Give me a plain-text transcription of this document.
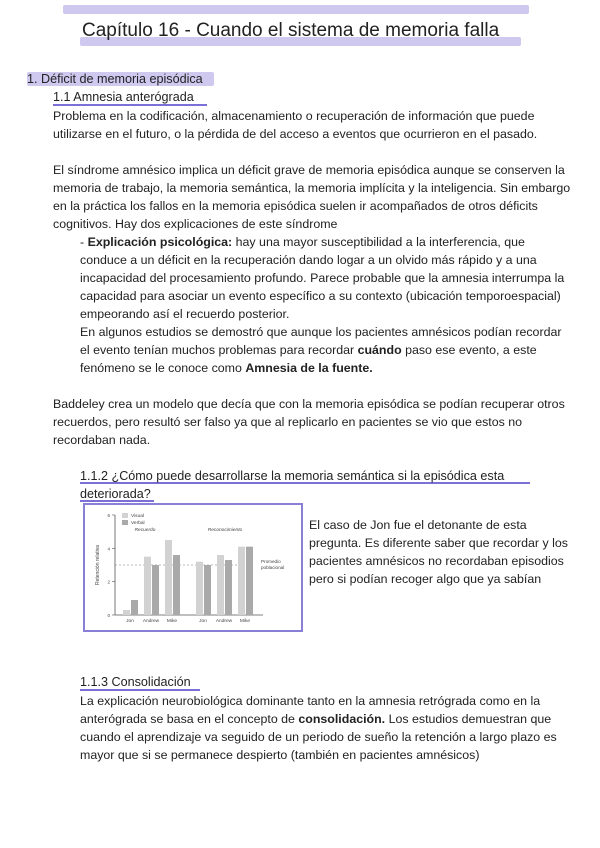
Capítulo 16 - Cuando el sistema de memoria falla
1. Déficit de memoria episódica
1.1 Amnesia anterógrada

Problema en la codificación, almacenamiento o recuperación de información que puede utilizarse en el futuro, o la pérdida de del acceso a eventos que ocurrieron en el pasado.

El síndrome amnésico implica un déficit grave de memoria episódica aunque se conserven la memoria de trabajo, la memoria semántica, la memoria implícita y la inteligencia. Sin embargo en la práctica los fallos en la memoria episódica suelen ir acompañados de otros déficits cognitivos. Hay dos explicaciones de este síndrome

- Explicación psicológica: hay una mayor susceptibilidad a la interferencia, que conduce a un déficit en la recuperación dando logar a un olvido más rápido y a una incapacidad del procesamiento profundo. Parece probable que la amnesia interrumpa la capacidad para asociar un evento específico a su contexto (ubicación temporoespacial) empeorando así el recuerdo posterior.

En algunos estudios se demostró que aunque los pacientes amnésicos podían recordar el evento tenían muchos problemas para recordar cuándo paso ese evento, a este fenómeno se le conoce como Amnesia de la fuente.

Baddeley crea un modelo que decía que con la memoria episódica se podían recuperar otros recuerdos, pero resultó ser falso ya que al replicarlo en pacientes se vio que estos no recordaban nada.

1.1.2 ¿Cómo puede desarrollarse la memoria semántica si la episódica esta deteriorada?
0
2
4
6
Retención relativa	Promedio
poblacional
Jon Andrew Mike	Jon Andrew Mike
Recuerdo	Reconocimiento
Visual
Verbal	El caso de Jon fue el detonante de esta pregunta. Es diferente saber que recordar y los pacientes amnésicos no recordaban episodios pero si podían recoger algo que ya sabían

1.1.3 Consolidación

La explicación neurobiológica dominante tanto en la amnesia retrógrada como en la anterógrada se basa en el concepto de consolidación. Los estudios demuestran que cuando el aprendizaje va seguido de un periodo de sueño la retención a largo plazo es mayor que si se permanece despierto (también en pacientes amnésicos)
